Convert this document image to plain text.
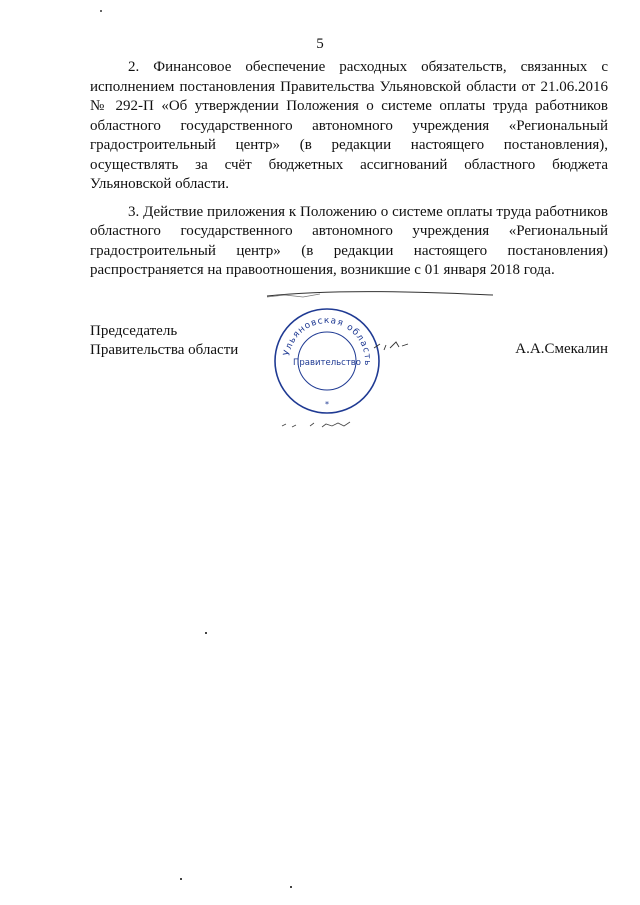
5

2. Финансовое обеспечение расходных обязательств, связанных с исполнением постановления Правительства Ульяновской области от 21.06.2016 № 292-П «Об утверждении Положения о системе оплаты труда работников областного государственного автономного учреждения «Региональный градостроительный центр» (в редакции настоящего постановления), осуществлять за счёт бюджетных ассигнований областного бюджета Ульяновской области.

3. Действие приложения к Положению о системе оплаты труда работников областного государственного автономного учреждения «Региональный градостроительный центр» (в редакции настоящего постановления) распространяется на правоотношения, возникшие с 01 января 2018 года.

Председатель
Правительства области	Ульяновская область
Правительство
*
А.А.Смекалин
